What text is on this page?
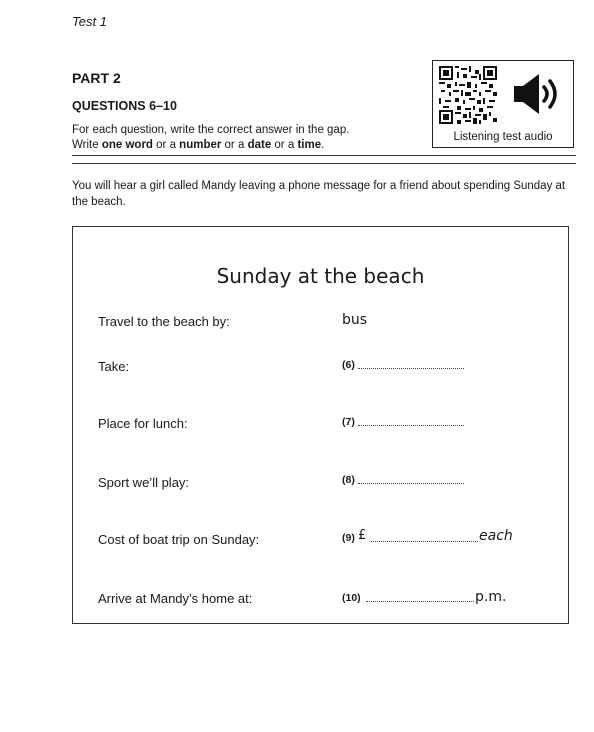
Test 1
PART 2
QUESTIONS 6–10
For each question, write the correct answer in the gap.
Write one word or a number or a date or a time.
Listening test audio
You will hear a girl called Mandy leaving a phone message for a friend about spending Sunday at the beach.
Sunday at the beach
Travel to the beach by:	bus
Take:	(6)
Place for lunch:	(7)
Sport we’ll play:	(8)
Cost of boat trip on Sunday:	(9) £	each
Arrive at Mandy’s home at:	(10)	p.m.
